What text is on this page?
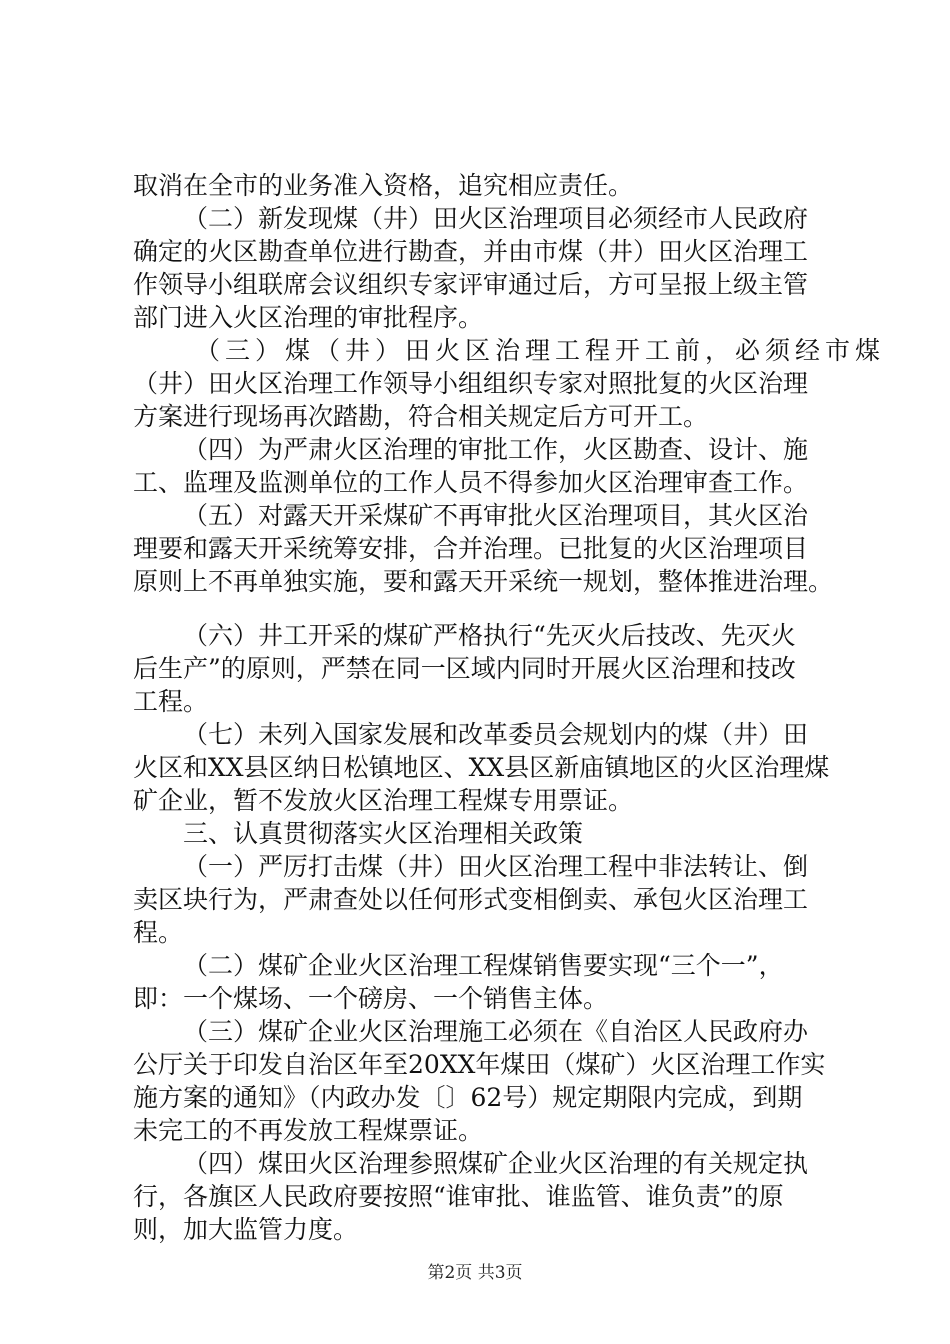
取消在全市的业务准入资格，追究相应责任。
（二）新发现煤（井）田火区治理项目必须经市人民政府
确定的火区勘查单位进行勘查，并由市煤（井）田火区治理工
作领导小组联席会议组织专家评审通过后，方可呈报上级主管
部门进入火区治理的审批程序。
（三）煤（井）田火区治理工程开工前，必须经市煤
（井）田火区治理工作领导小组组织专家对照批复的火区治理
方案进行现场再次踏勘，符合相关规定后方可开工。
（四）为严肃火区治理的审批工作，火区勘查、设计、施
工、监理及监测单位的工作人员不得参加火区治理审查工作。
（五）对露天开采煤矿不再审批火区治理项目，其火区治
理要和露天开采统筹安排，合并治理。已批复的火区治理项目
原则上不再单独实施，要和露天开采统一规划，整体推进治理。
（六）井工开采的煤矿严格执行“先灭火后技改、先灭火
后生产”的原则，严禁在同一区域内同时开展火区治理和技改
工程。
（七）未列入国家发展和改革委员会规划内的煤（井）田
火区和XX县区纳日松镇地区、XX县区新庙镇地区的火区治理煤
矿企业，暂不发放火区治理工程煤专用票证。
三、认真贯彻落实火区治理相关政策
（一）严厉打击煤（井）田火区治理工程中非法转让、倒
卖区块行为，严肃查处以任何形式变相倒卖、承包火区治理工
程。
（二）煤矿企业火区治理工程煤销售要实现“三个一”，
即：一个煤场、一个磅房、一个销售主体。
（三）煤矿企业火区治理施工必须在《自治区人民政府办
公厅关于印发自治区年至20XX年煤田（煤矿）火区治理工作实
施方案的通知》（内政办发〔〕62号）规定期限内完成，到期
未完工的不再发放工程煤票证。
（四）煤田火区治理参照煤矿企业火区治理的有关规定执
行，各旗区人民政府要按照“谁审批、谁监管、谁负责”的原
则，加大监管力度。
第2页 共3页
